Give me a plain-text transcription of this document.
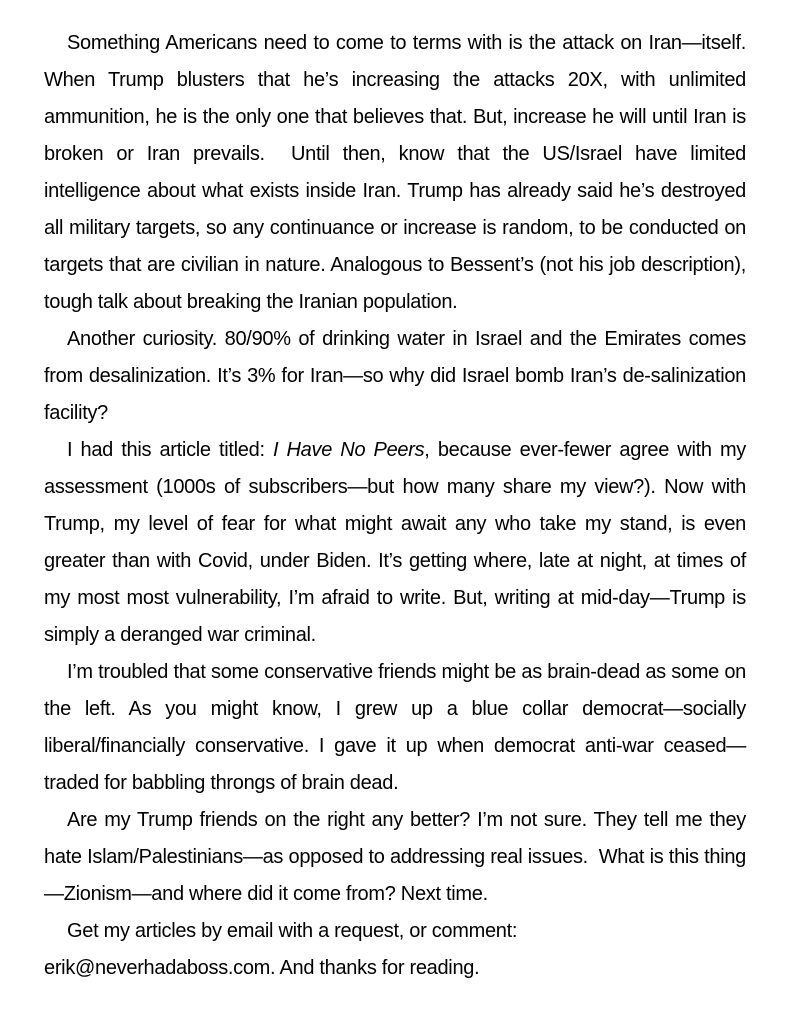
Something Americans need to come to terms with is the attack on Iran—itself. When Trump blusters that he’s increasing the attacks 20X, with unlimited ammunition, he is the only one that believes that. But, increase he will until Iran is broken or Iran prevails.  Until then, know that the US/Israel have limited intelligence about what exists inside Iran. Trump has already said he’s destroyed all military targets, so any continuance or increase is random, to be conducted on targets that are civilian in nature. Analogous to Bessent’s (not his job description), tough talk about breaking the Iranian population.

Another curiosity. 80/90% of drinking water in Israel and the Emirates comes from desalinization. It’s 3% for Iran—so why did Israel bomb Iran’s de-salinization facility?

I had this article titled: I Have No Peers, because ever-fewer agree with my assessment (1000s of subscribers—but how many share my view?). Now with Trump, my level of fear for what might await any who take my stand, is even greater than with Covid, under Biden. It’s getting where, late at night, at times of my most most vulnerability, I’m afraid to write. But, writing at mid-day—Trump is simply a deranged war criminal.

I’m troubled that some conservative friends might be as brain-dead as some on the left. As you might know, I grew up a blue collar democrat—socially liberal/financially conservative. I gave it up when democrat anti-war ceased—traded for babbling throngs of brain dead.

Are my Trump friends on the right any better? I’m not sure. They tell me they hate Islam/Palestinians—as opposed to addressing real issues.  What is this thing—Zionism—and where did it come from? Next time.

Get my articles by email with a request, or comment:
erik@neverhadaboss.com. And thanks for reading.
